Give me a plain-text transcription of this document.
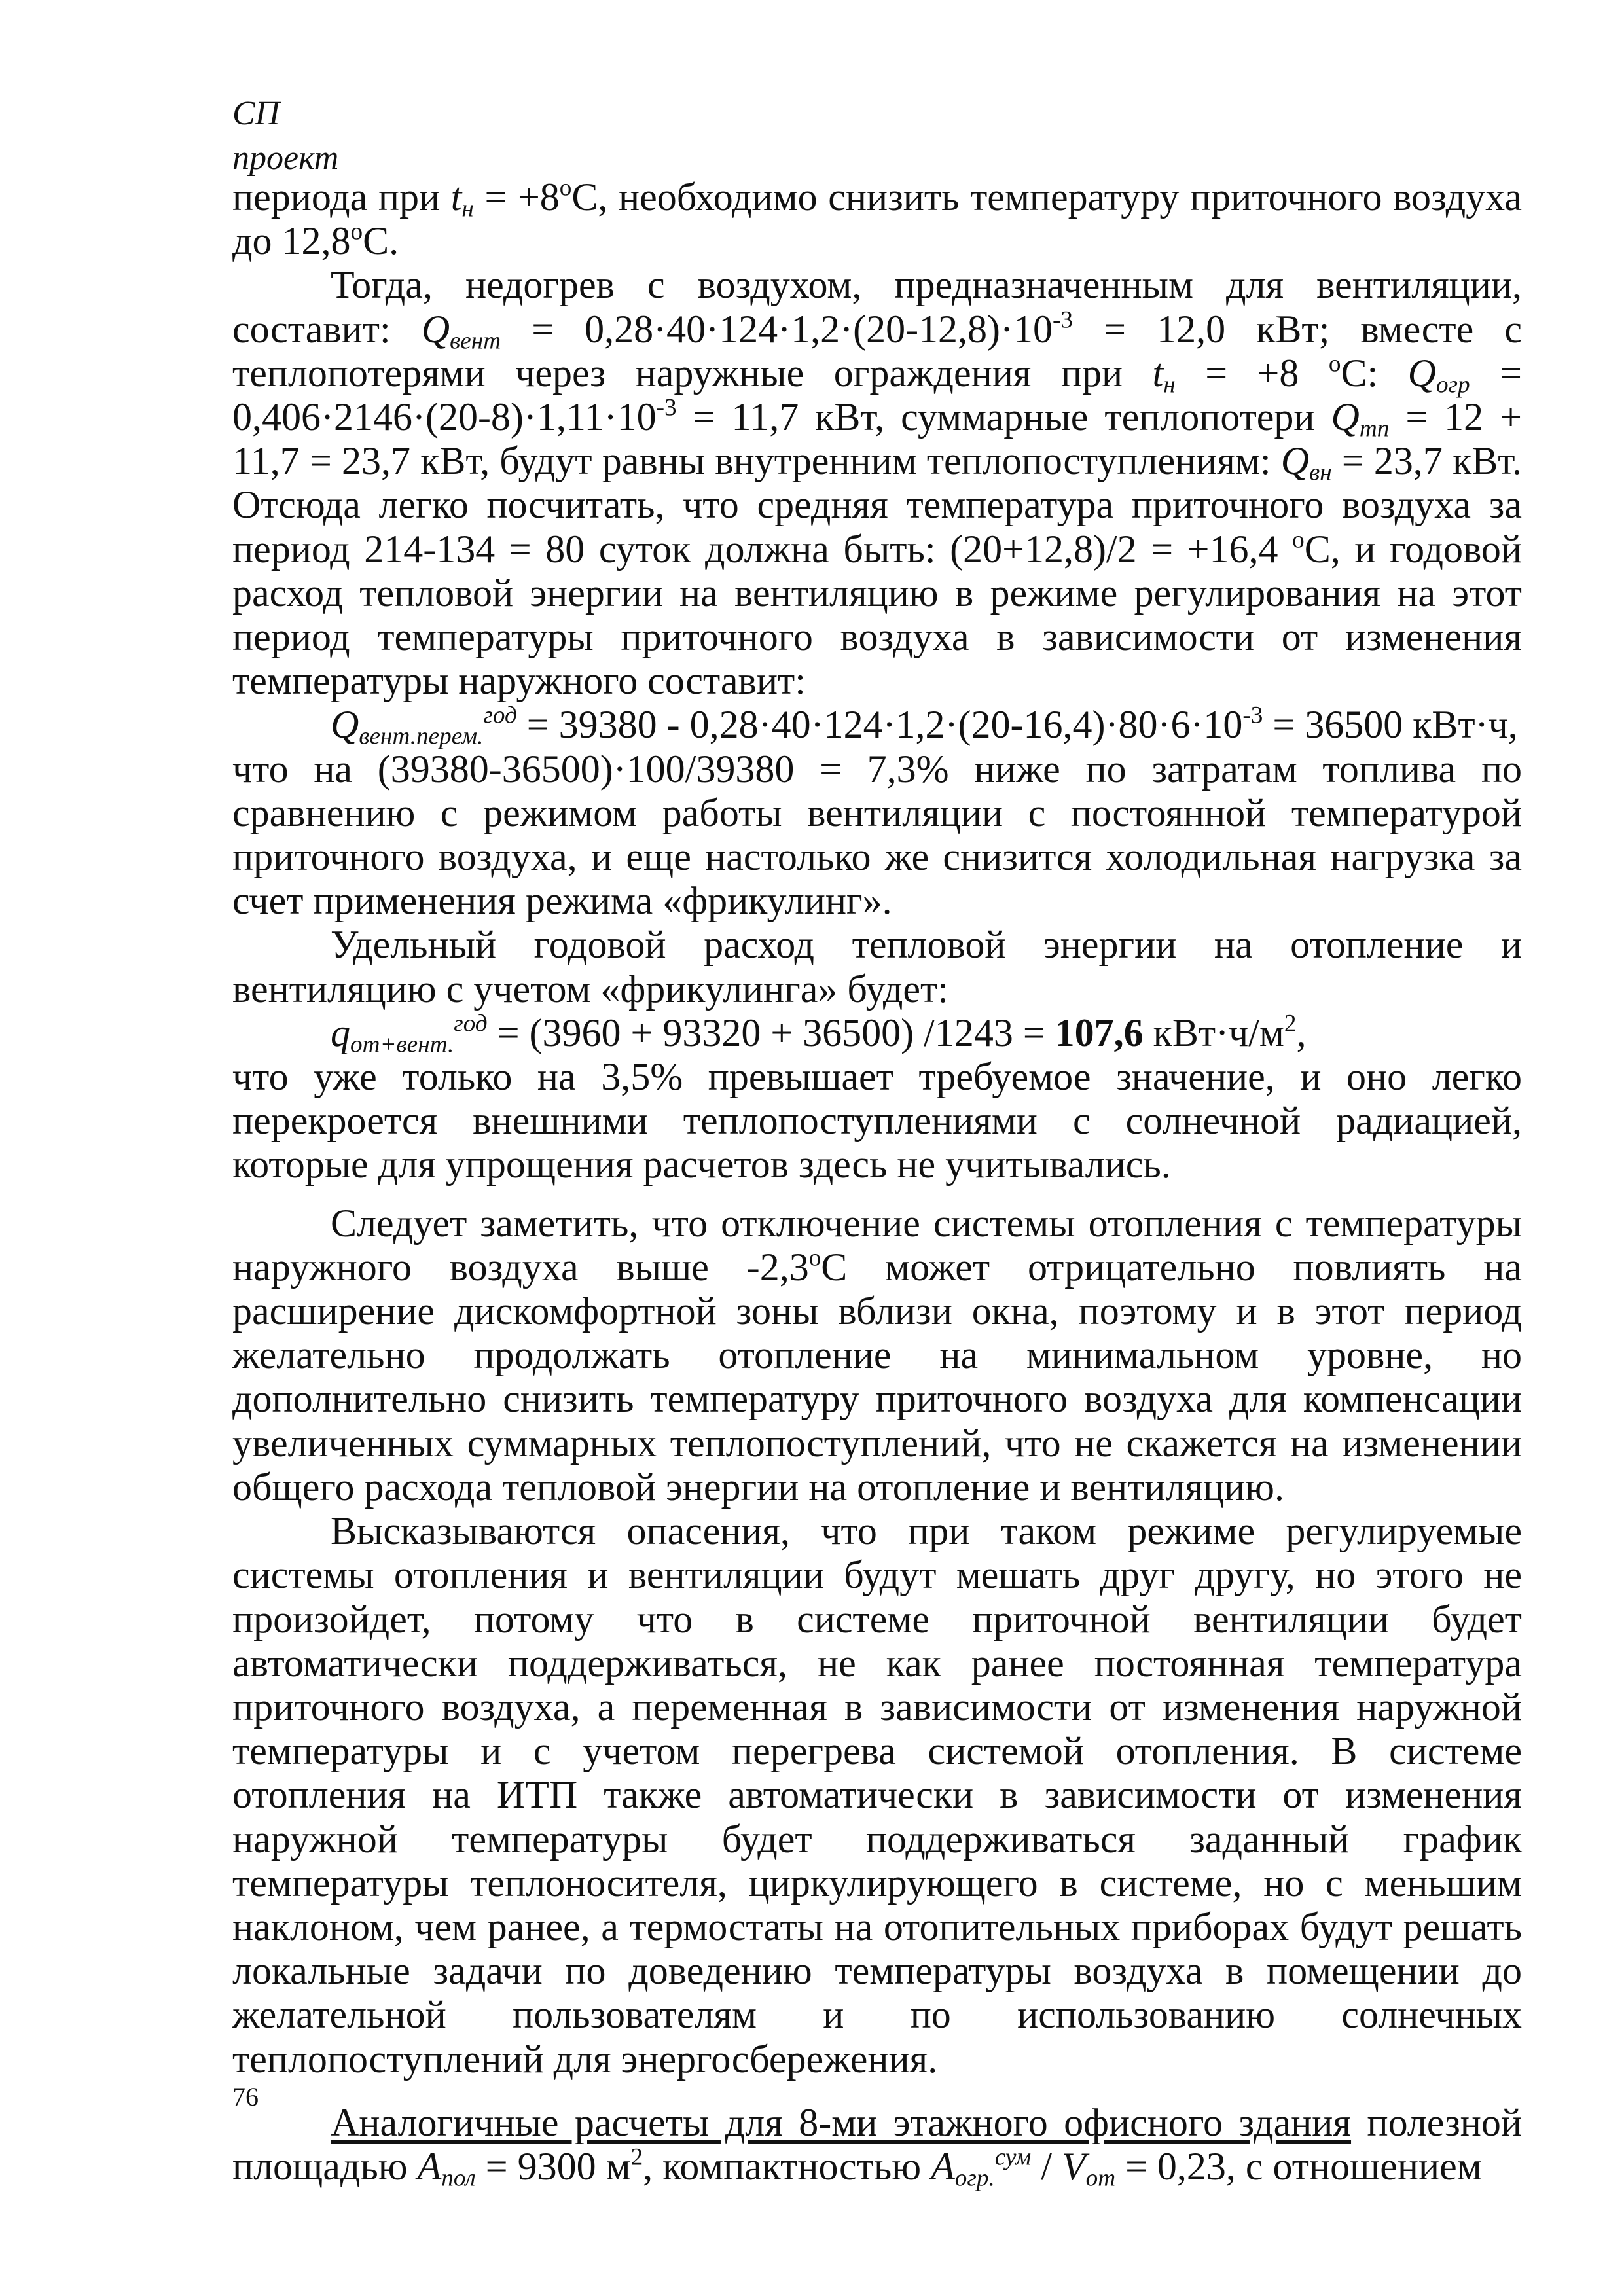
СП
проект

периода при $t_н = +8^оС$, необходимо снизить температуру приточного воздуха до $12,8^оС$.

Тогда, недогрев с воздухом, предназначенным для вентиляции, составит: $Q_{вент} = 0,28\cdot 40\cdot 124\cdot 1,2\cdot(20-12,8)\cdot 10^{-3} = 12,0$ кВт; вместе с теплопотерями через наружные ограждения при $t_н = +8$ $^о$С: $Q_{огр} = 0,406\cdot 2146\cdot(20-8)\cdot 1,11\cdot 10^{-3} = 11,7$ кВт, суммарные теплопотери $Q_{тп} = 12 + 11,7 = 23,7$ кВт, будут равны внутренним теплопоступлениям: $Q_{вн} = 23,7$ кВт. Отсюда легко посчитать, что средняя температура приточного воздуха за период 214-134 = 80 суток должна быть: (20+12,8)/2 = +16,4 $^о$С, и годовой расход тепловой энергии на вентиляцию в режиме регулирования на этот период температуры приточного воздуха в зависимости от изменения температуры наружного составит:

$Q_{вент.перем.}^{год} = 39380 - 0,28\cdot 40\cdot 124\cdot 1,2\cdot(20-16,4)\cdot 80\cdot 6\cdot 10^{-3} = 36500$ кВт·ч,

что на (39380-36500)·100/39380 = 7,3% ниже по затратам топлива по сравнению с режимом работы вентиляции с постоянной температурой приточного воздуха, и еще настолько же снизится холодильная нагрузка за счет применения режима «фрикулинг».

Удельный годовой расход тепловой энергии на отопление и вентиляцию с учетом «фрикулинга» будет:

$q_{от+вент.}^{год} = (3960 + 93320 + 36500) /1243 = 107,6$ $кВт\cdot ч/м^2$,

что уже только на 3,5% превышает требуемое значение, и оно легко перекроется внешними теплопоступлениями с солнечной радиацией, которые для упрощения расчетов здесь не учитывались.

Следует заметить, что отключение системы отопления с температуры наружного воздуха выше $-2,3^оС$ может отрицательно повлиять на расширение дискомфортной зоны вблизи окна, поэтому и в этот период желательно продолжать отопление на минимальном уровне, но дополнительно снизить температуру приточного воздуха для компенсации увеличенных суммарных теплопоступлений, что не скажется на изменении общего расхода тепловой энергии на отопление и вентиляцию.

Высказываются опасения, что при таком режиме регулируемые системы отопления и вентиляции будут мешать друг другу, но этого не произойдет, потому что в системе приточной вентиляции будет автоматически поддерживаться, не как ранее постоянная температура приточного воздуха, а переменная в зависимости от изменения наружной температуры и с учетом перегрева системой отопления. В системе отопления на ИТП также автоматически в зависимости от изменения наружной температуры будет поддерживаться заданный график температуры теплоносителя, циркулирующего в системе, но с меньшим наклоном, чем ранее, а термостаты на отопительных приборах будут решать локальные задачи по доведению температуры воздуха в помещении до желательной пользователям и по использованию солнечных теплопоступлений для энергосбережения.

Аналогичные расчеты для 8-ми этажного офисного здания полезной площадью $A_{пол} = 9300$ $м^2$, компактностью $A_{огр.}^{сум} / V_{от} = 0,23$, с отношением

76
